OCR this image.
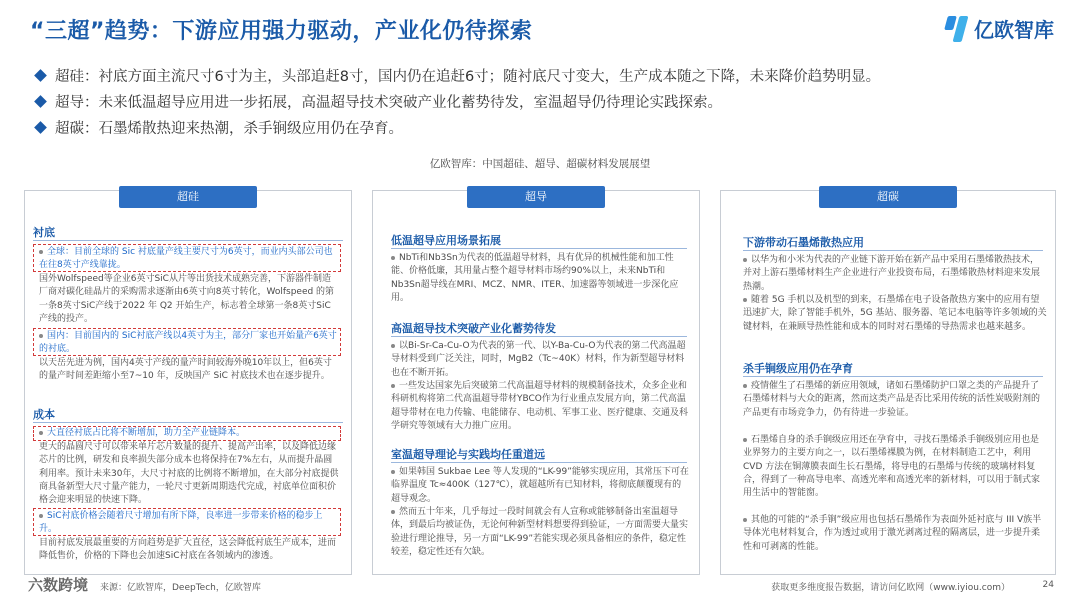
“三超”趋势：下游应用强力驱动，产业化仍待探索	亿欧智库
超硅：衬底方面主流尺寸6寸为主，头部追赶8寸，国内仍在追赶6寸；随衬底尺寸变大，生产成本随之下降，未来降价趋势明显。
超导：未来低温超导应用进一步拓展，高温超导技术突破产业化蓄势待发，室温超导仍待理论实践探索。
超碳：石墨烯散热迎来热潮，杀手锏级应用仍在孕育。
亿欧智库：中国超硅、超导、超碳材料发展展望
超硅
衬底
全球：目前全球的 Sic 衬底量产线主要尺寸为6英寸，而业内头部公司也在往8英寸产线靠拢。
国外Wolfspeed等企业6英寸SiC从片等出货技术成熟完善，下游器件制造厂商对碳化硅晶片的采购需求逐渐由6英寸向8英寸转化，Wolfspeed 的第一条8英寸SiC产线于2022 年 Q2 开始生产，标志着全球第一条8英寸SiC产线的投产。
国内：目前国内的 SiC衬底产线以4英寸为主，部分厂家也开始量产6英寸的衬底。
以天岳先进为例，国内4英寸产线的量产时间较海外晚10年以上，但6英寸的量产时间差距缩小至7~10 年，反映国产 SiC 衬底技术也在逐步提升。
成本
大直径衬底占比将不断增加，助力全产业链降本。
更大的晶圆尺寸可以带来单片芯片数量的提升、提高产出率，以及降低边缘芯片的比例，研发和良率损失部分成本也将保持在7%左右，从而提升晶圆利用率。预计未来30年，大尺寸衬底的比例将不断增加，在大部分衬底提供商具备新型大尺寸量产能力，一轮尺寸更新周期迭代完成，衬底单位面积价格会迎来明显的快速下降。
SiC衬底价格会随着尺寸增加有所下降，良率进一步带来价格的稳步上升。
目前衬底发展最重要的方向趋势是扩大直径，这会降低衬底生产成本，进而降低售价，价格的下降也会加速SiC衬底在各领域内的渗透。
超导
低温超导应用场景拓展
NbTi和Nb3Sn为代表的低温超导材料，具有优异的机械性能和加工性能、价格低廉，其用量占整个超导材料市场约90%以上，未来NbTi和Nb3Sn超导线在MRI、MCZ、NMR、ITER、加速器等领域进一步深化应用。
高温超导技术突破产业化蓄势待发
以Bi-Sr-Ca-Cu-O为代表的第一代、以Y-Ba-Cu-O为代表的第二代高温超导材料受到广泛关注，同时，MgB2（Tc~40K）材料，作为新型超导材料也在不断开拓。
一些发达国家先后突破第二代高温超导材料的规模制备技术，众多企业和科研机构将第二代高温超导带材YBCO作为行业重点发展方向，第二代高温超导带材在电力传输、电能储存、电动机、军事工业、医疗健康、交通及科学研究等领域有大力推广应用。
室温超导理论与实践均任重道远
如果韩国 Sukbae Lee 等人发现的“LK-99”能够实现应用，其常压下可在临界温度 Tc≈400K（127℃），就超越所有已知材料，将彻底颠覆现有的超导观念。
然而五十年来，几乎每过一段时间就会有人宣称或能够制备出室温超导体，到最后均被证伪，无论何种新型材料想要得到验证，一方面需要大量实验进行理论推导，另一方面“LK-99”若能实现必须具备相应的条件，稳定性较差，稳定性还有欠缺。
超碳
下游带动石墨烯散热应用
以华为和小米为代表的产业链下游开始在新产品中采用石墨烯散热技术，并对上游石墨烯材料生产企业进行产业投资布局，石墨烯散热材料迎来发展热潮。
随着 5G 手机以及机型的到来，石墨烯在电子设备散热方案中的应用有望迅速扩大，除了智能手机外，5G 基站、服务器、笔记本电脑等许多领域的关键材料，在兼顾导热性能和成本的同时对石墨烯的导热需求也越来越多。
杀手锏级应用仍在孕育
疫情催生了石墨烯的新应用领域，诸如石墨烯防护口罩之类的产品提升了石墨烯材料与大众的距离，然而这类产品是否比采用传统的活性炭吸附剂的产品更有市场竞争力，仍有待进一步验证。
石墨烯自身的杀手锏级应用还在孕育中，寻找石墨烯杀手锏级别应用也是业界努力的主要方向之一，以石墨烯裸膜为例，在材料制造工艺中，利用 CVD 方法在铜薄膜表面生长石墨烯，将导电的石墨烯与传统的玻璃材料复合，得到了一种高导电率、高透光率和高透光率的新材料，可以用于制式家用生活中的智能窗。
其他的可能的“杀手锏”级应用也包括石墨烯作为表面外延衬底与 III V族半导体光电材料复合，作为透过或用于激光剥离过程的隔离层，进一步提升柔性和可剥离的性能。
六数跨境 来源：亿欧智库，DeepTech，亿欧智库	获取更多维度报告数据，请访问亿欧网（www.iyiou.com）	24
